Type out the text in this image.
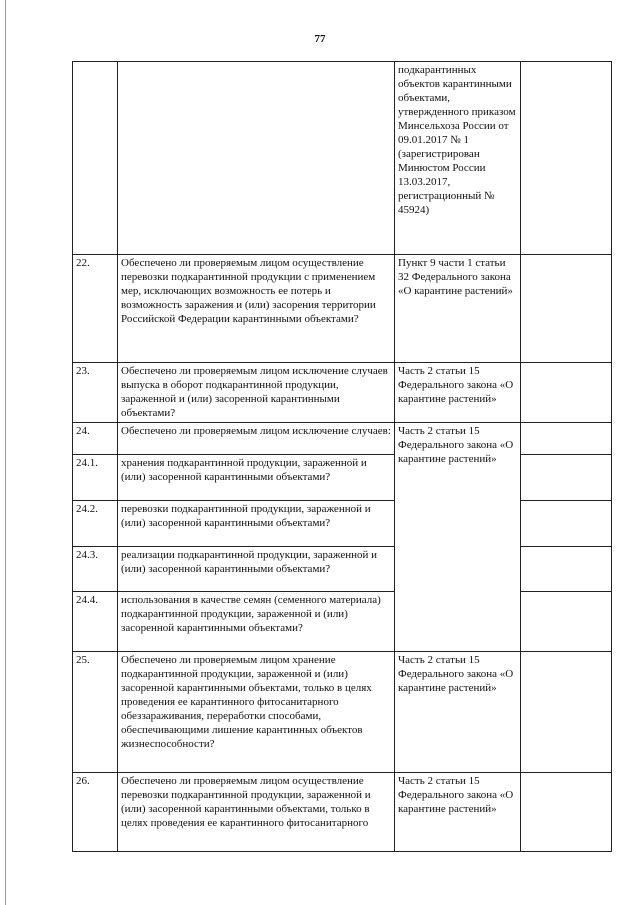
77
		подкарантинных объектов карантинными объектами, утвержденного приказом Минсельхоза России от 09.01.2017 № 1 (зарегистрирован Минюстом России 13.03.2017, регистрационный № 45924)	
22.	Обеспечено ли проверяемым лицом осуществление перевозки подкарантинной продукции с применением мер, исключающих возможность ее потерь и возможность заражения и (или) засорения территории Российской Федерации карантинными объектами?	Пункт 9 части 1 статьи 32 Федерального закона «О карантине растений»	
23.	Обеспечено ли проверяемым лицом исключение случаев выпуска в оборот подкарантинной продукции, зараженной и (или) засоренной карантинными объектами?	Часть 2 статьи 15 Федерального закона «О карантине растений»	
24.	Обеспечено ли проверяемым лицом исключение случаев:	Часть 2 статьи 15 Федерального закона «О карантине растений»	
24.1.	хранения подкарантинной продукции, зараженной и (или) засоренной карантинными объектами?		
24.2.	перевозки подкарантинной продукции, зараженной и (или) засоренной карантинными объектами?		
24.3.	реализации подкарантинной продукции, зараженной и (или) засоренной карантинными объектами?		
24.4.	использования в качестве семян (семенного материала) подкарантинной продукции, зараженной и (или) засоренной карантинными объектами?		
25.	Обеспечено ли проверяемым лицом хранение подкарантинной продукции, зараженной и (или) засоренной карантинными объектами, только в целях проведения ее карантинного фитосанитарного обеззараживания, переработки способами, обеспечивающими лишение карантинных объектов жизнеспособности?	Часть 2 статьи 15 Федерального закона «О карантине растений»	
26.	Обеспечено ли проверяемым лицом осуществление перевозки подкарантинной продукции, зараженной и (или) засоренной карантинными объектами, только в целях проведения ее карантинного фитосанитарного	Часть 2 статьи 15 Федерального закона «О карантине растений»	
